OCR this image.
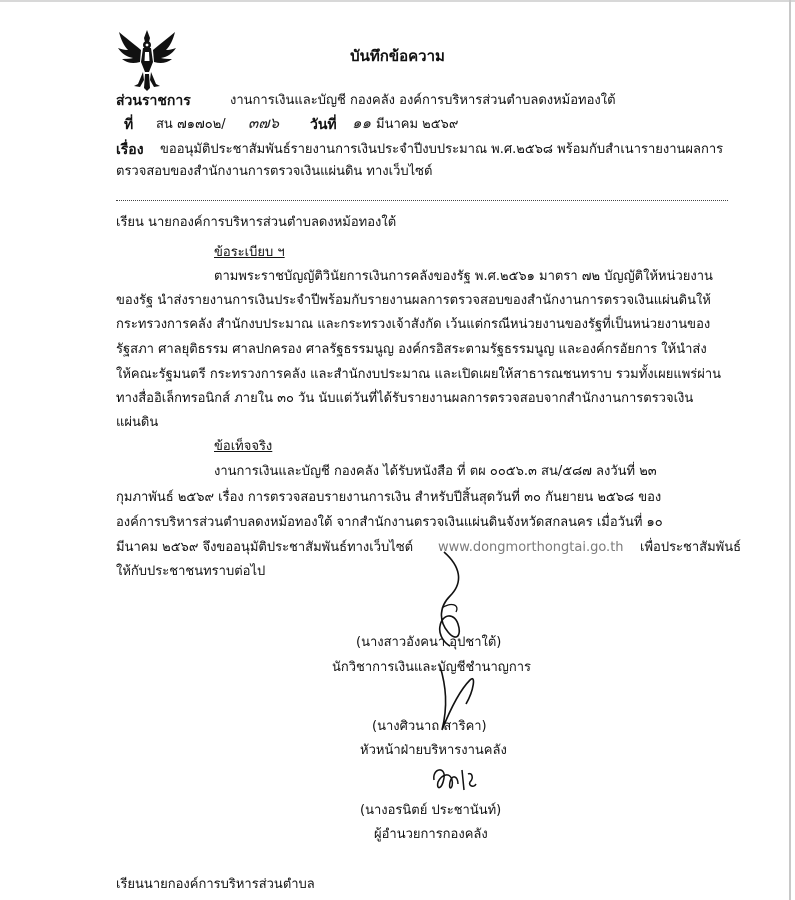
บันทึกข้อความ
ส่วนราชการ	งานการเงินและบัญชี กองคลัง องค์การบริหารส่วนตำบลดงหม้อทองใต้
ที่ สน ๗๑๗๐๒/ ๓๗๖ วันที่ ๑๑ มีนาคม ๒๕๖๙
เรื่อง ขออนุมัติประชาสัมพันธ์รายงานการเงินประจำปีงบประมาณ พ.ศ.๒๕๖๘ พร้อมกับสำเนารายงานผลการ
ตรวจสอบของสำนักงานการตรวจเงินแผ่นดิน ทางเว็บไซต์
เรียน นายกองค์การบริหารส่วนตำบลดงหม้อทองใต้
ข้อระเบียบ ฯ
ตามพระราชบัญญัติวินัยการเงินการคลังของรัฐ พ.ศ.๒๕๖๑ มาตรา ๗๒ บัญญัติให้หน่วยงาน
ของรัฐ นำส่งรายงานการเงินประจำปีพร้อมกับรายงานผลการตรวจสอบของสำนักงานการตรวจเงินแผ่นดินให้
กระทรวงการคลัง สำนักงบประมาณ และกระทรวงเจ้าสังกัด เว้นแต่กรณีหน่วยงานของรัฐที่เป็นหน่วยงานของ
รัฐสภา ศาลยุติธรรม ศาลปกครอง ศาลรัฐธรรมนูญ องค์กรอิสระตามรัฐธรรมนูญ และองค์กรอัยการ ให้นำส่ง
ให้คณะรัฐมนตรี กระทรวงการคลัง และสำนักงบประมาณ และเปิดเผยให้สาธารณชนทราบ รวมทั้งเผยแพร่ผ่าน
ทางสื่ออิเล็กทรอนิกส์ ภายใน ๓๐ วัน นับแต่วันที่ได้รับรายงานผลการตรวจสอบจากสำนักงานการตรวจเงิน
แผ่นดิน
ข้อเท็จจริง
งานการเงินและบัญชี กองคลัง ได้รับหนังสือ ที่ ตผ ๐๐๕๖.๓ สน/๕๘๗ ลงวันที่ ๒๓
กุมภาพันธ์ ๒๕๖๙ เรื่อง การตรวจสอบรายงานการเงิน สำหรับปีสิ้นสุดวันที่ ๓๐ กันยายน ๒๕๖๘ ของ
องค์การบริหารส่วนตำบลดงหม้อทองใต้ จากสำนักงานตรวจเงินแผ่นดินจังหวัดสกลนคร เมื่อวันที่ ๑๐
มีนาคม ๒๕๖๙ จึงขออนุมัติประชาสัมพันธ์ทางเว็บไซต์ www.dongmorthongtai.go.th เพื่อประชาสัมพันธ์
ให้กับประชาชนทราบต่อไป
(นางสาวอังคนา อุปชาใต้)
นักวิชาการเงินและบัญชีชำนาญการ
(นางศิวนาถ สาริคา)
หัวหน้าฝ่ายบริหารงานคลัง
(นางอรนิตย์ ประชานันท์)
ผู้อำนวยการกองคลัง
เรียนนายกองค์การบริหารส่วนตำบล
